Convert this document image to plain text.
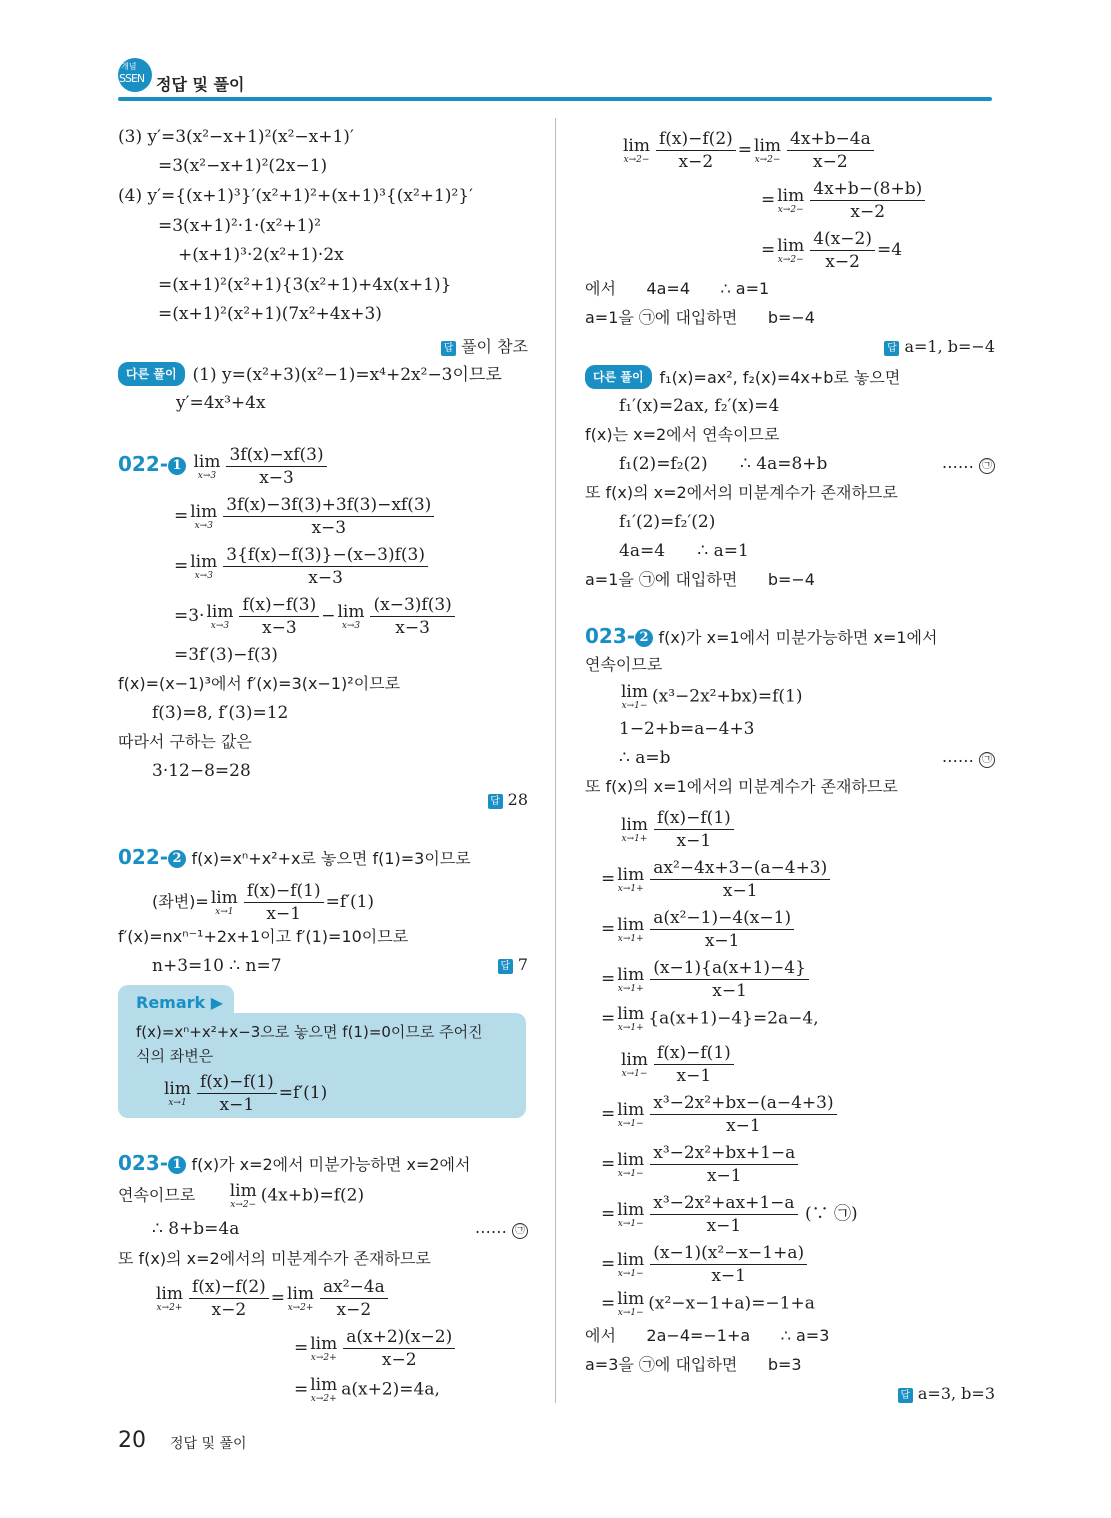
개념
SSEN 정답 및 풀이
(3) y′=3(x²−x+1)²(x²−x+1)′
=3(x²−x+1)²(2x−1)
(4) y′={(x+1)³}′(x²+1)²+(x+1)³{(x²+1)²}′
=3(x+1)²·1·(x²+1)²
+(x+1)³·2(x²+1)·2x
=(x+1)²(x²+1){3(x²+1)+4x(x+1)}
=(x+1)²(x²+1)(7x²+4x+3)
답 풀이 참조
다른 풀이 (1) y=(x²+3)(x²−1)=x⁴+2x²−3이므로
y′=4x³+4x
022- 1 lim
$x\to 3 \frac{3f(x)-xf(3)}{x-3}$
= lim
$x\to 3 \frac{3f(x)-3f(3)+3f(3)-xf(3)}{x-3}$
= lim
$x\to 3 \frac{3\{f(x)-f(3)\}-(x-3)f(3)}{x-3}$
=3· lim
$x\to 3 \frac{f(x)-f(3)}{x-3} - \lim$
$x\to 3 \frac{(x-3)f(3)}{x-3}$
=3f′(3)−f(3)
f(x)=(x−1)³에서 f′(x)=3(x−1)²이므로
f(3)=8, f′(3)=12
따라서 구하는 값은
3·12−8=28
답 28
022- 2 f(x)=xⁿ+x²+x로 놓으면 f(1)=3이므로
(좌변)= lim
$x\to 1 \frac{f(x)-f(1)}{x-1} =f'(1)$
f′(x)=nxⁿ⁻¹+2x+1이고 f′(1)=10이므로
n+3=10 ∴ n=7	답 7
Remark ▶
f(x)=xⁿ+x²+x−3으로 놓으면 f(1)=0이므로 주어진
식의 좌변은
lim
$x\to 1 \frac{f(x)-f(1)}{x-1} =f'(1)$
023- 1 f(x)가 x=2에서 미분가능하면 x=2에서
연속이므로 lim
x→2− (4x+b)=f(2)
∴ 8+b=4a	…… ㉠
또 f(x)의 x=2에서의 미분계수가 존재하므로
lim
$x\to 2+ \frac{f(x)-f(2)}{x-2} = \lim$
$x\to 2+ \frac{\text{ax²−4a}}{x-2}$
= lim
$x\to 2+ \frac{a(x+2)(x-2)}{x-2}$
= lim
x→2+ a(x+2)=4a,
lim
$x\to 2- \frac{f(x)-f(2)}{x-2} = \lim$
$x\to 2- \frac{4x+b-4a}{x-2}$
= lim
$x\to 2- \frac{4x+b-(8+b)}{x-2}$
= lim
$x\to 2- \frac{4(x-2)}{x-2} =4$
에서      4a=4      ∴ a=1
a=1을 ㉠에 대입하면      b=−4
답 a=1, b=−4
다른 풀이 f₁(x)=ax², f₂(x)=4x+b로 놓으면
f₁′(x)=2ax, f₂′(x)=4
f(x)는 x=2에서 연속이므로
f₁(2)=f₂(2)      ∴ 4a=8+b	…… ㉠
또 f(x)의 x=2에서의 미분계수가 존재하므로
f₁′(2)=f₂′(2)
4a=4      ∴ a=1
a=1을 ㉠에 대입하면      b=−4
023- 2 f(x)가 x=1에서 미분가능하면 x=1에서
연속이므로
lim
x→1− (x³−2x²+bx)=f(1)
1−2+b=a−4+3
∴ a=b	…… ㉠
또 f(x)의 x=1에서의 미분계수가 존재하므로
lim
$x\to 1+ \frac{f(x)-f(1)}{x-1}$
= lim
$x\to 1+ \frac{\text{ax²−4x+3−(a−4+3)}}{x-1}$
= lim
$x\to 1+ \frac{\text{a(x²−1)−4(x−1)}}{x-1}$
= lim
$x\to 1+ \frac{(x-1)\{a(x+1)-4\}}{x-1}$
= lim
x→1+ {a(x+1)−4}=2a−4,
lim
$x\to 1- \frac{f(x)-f(1)}{x-1}$
= lim
$x\to 1- \frac{\text{x³−2x²+bx−(a−4+3)}}{x-1}$
= lim
$x\to 1- \frac{\text{x³−2x²+bx+1−a}}{x-1}$
= lim
$x\to 1- \frac{\text{x³−2x²+ax+1−a}}{x-1}$ (∵ ㉠)
= lim
$x\to 1- \frac{\text{(x−1)(x²−x−1+a)}}{x-1}$
= lim
x→1− (x²−x−1+a)=−1+a
에서      2a−4=−1+a      ∴ a=3
a=3을 ㉠에 대입하면      b=3
답 a=3, b=3
20 정답 및 풀이
